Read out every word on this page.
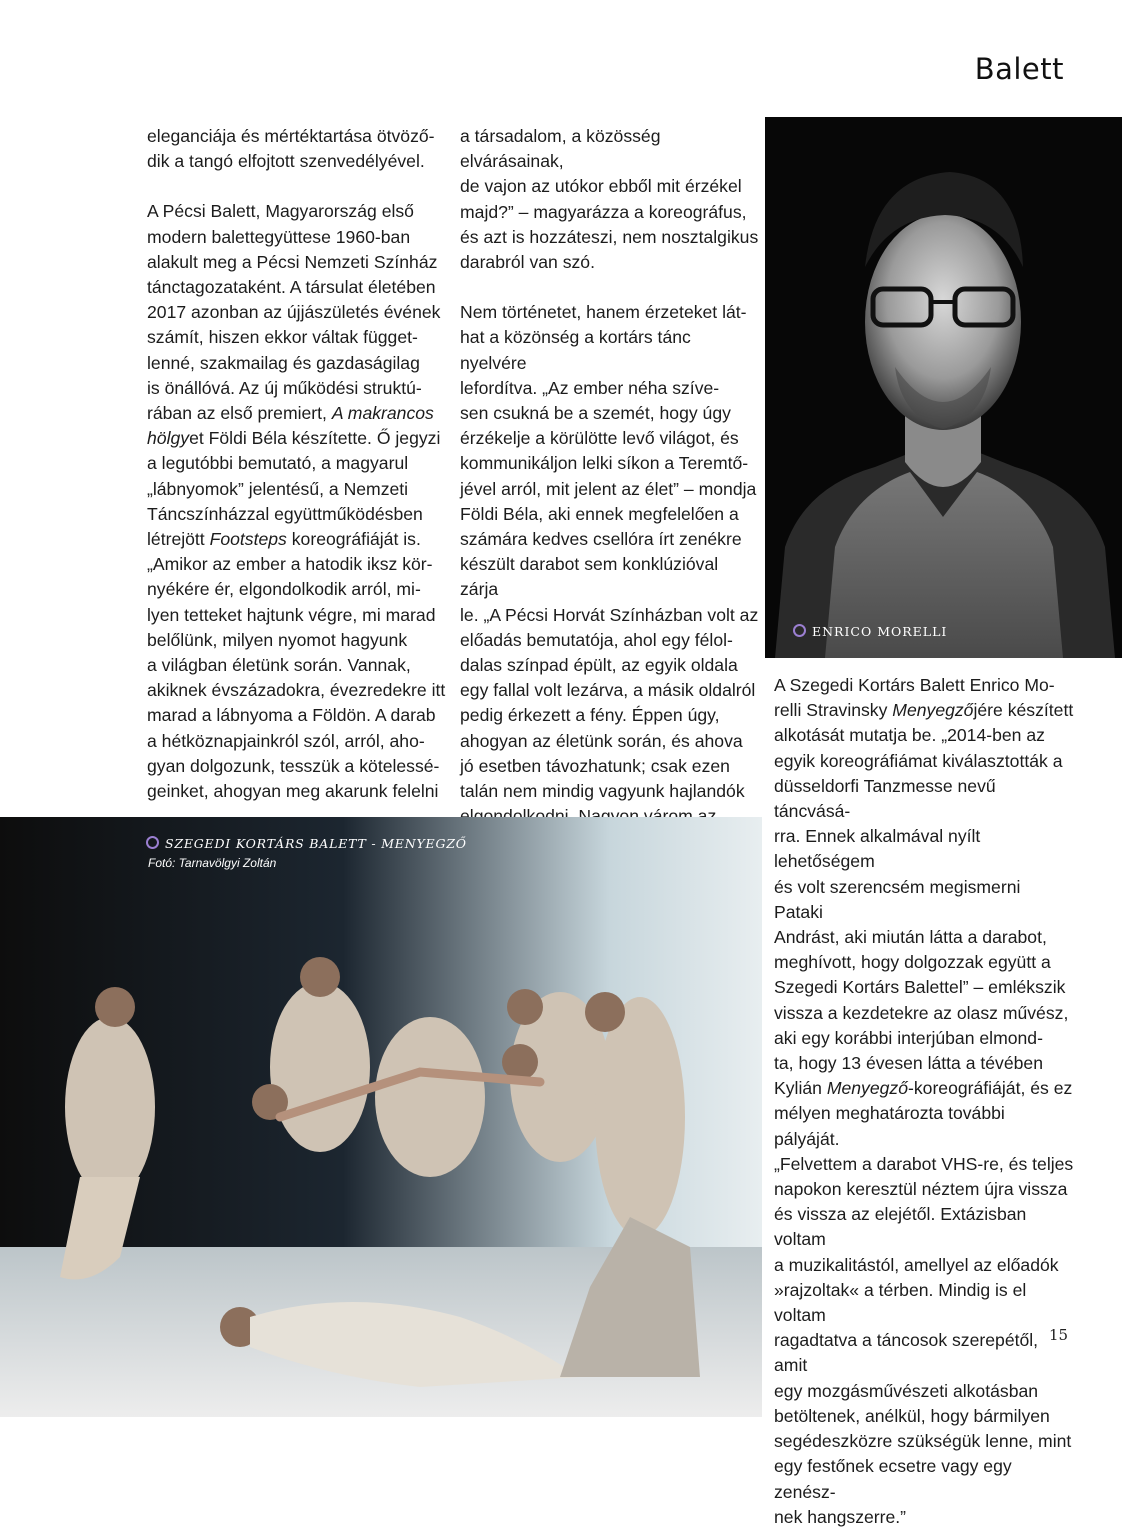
Balett

eleganciája és mértéktartása ötvöző-
dik a tangó elfojtott szenvedélyével.

A Pécsi Balett, Magyarország első
modern balettegyüttese 1960-ban
alakult meg a Pécsi Nemzeti Színház
tánctagozataként. A társulat életében
2017 azonban az újjászületés évének
számít, hiszen ekkor váltak függet-
lenné, szakmailag és gazdaságilag
is önállóvá. Az új működési struktú-
rában az első premiert, A makrancos
hölgyet Földi Béla készítette. Ő jegyzi
a legutóbbi bemutató, a magyarul
„lábnyomok” jelentésű, a Nemzeti
Táncszínházzal együttműködésben
létrejött Footsteps koreográfiáját is.
„Amikor az ember a hatodik iksz kör-
nyékére ér, elgondolkodik arról, mi-
lyen tetteket hajtunk végre, mi marad
belőlünk, milyen nyomot hagyunk
a világban életünk során. Vannak,
akiknek évszázadokra, évezredekre itt
marad a lábnyoma a Földön. A darab
a hétköznapjainkról szól, arról, aho-
gyan dolgozunk, tesszük a kötelessé-
geinket, ahogyan meg akarunk felelni

a társadalom, a közösség elvárásainak,
de vajon az utókor ebből mit érzékel
majd?” – magyarázza a koreográfus,
és azt is hozzáteszi, nem nosztalgikus
darabról van szó.

Nem történetet, hanem érzeteket lát-
hat a közönség a kortárs tánc nyelvére
lefordítva. „Az ember néha szíve-
sen csukná be a szemét, hogy úgy
érzékelje a körülötte levő világot, és
kommunikáljon lelki síkon a Teremtő-
jével arról, mit jelent az élet” – mondja
Földi Béla, aki ennek megfelelően a
számára kedves csellóra írt zenékre
készült darabot sem konklúzióval zárja
le. „A Pécsi Horvát Színházban volt az
előadás bemutatója, ahol egy félol-
dalas színpad épült, az egyik oldala
egy fallal volt lezárva, a másik oldalról
pedig érkezett a fény. Éppen úgy,
ahogyan az életünk során, és ahova
jó esetben távozhatunk; csak ezen
talán nem mindig vagyunk hajlandók

ENRICO MORELLI

A Szegedi Kortárs Balett Enrico Mo-
relli Stravinsky Menyegzőjére készített
alkotását mutatja be. „2014-ben az
egyik koreográfiámat kiválasztották a
düsseldorfi Tanzmesse nevű táncvásá-
rra. Ennek alkalmával nyílt lehetőségem
és volt szerencsém megismerni Pataki
Andrást, aki miután látta a darabot,
meghívott, hogy dolgozzak együtt a
Szegedi Kortárs Balettel” – emlékszik
vissza a kezdetekre az olasz művész,
aki egy korábbi interjúban elmond-
ta, hogy 13 évesen látta a tévében
Kylián Menyegző-koreográfiáját, és ez
mélyen meghatározta további pályáját.
„Felvettem a darabot VHS-re, és teljes
napokon keresztül néztem újra vissza
és vissza az elejétől. Extázisban voltam
a muzikalitástól, amellyel az előadók
»rajzoltak« a térben. Mindig is el voltam
ragadtatva a táncosok szerepétől, amit
egy mozgásművészeti alkotásban
betöltenek, anélkül, hogy bármilyen
segédeszközre szükségük lenne, mint
egy festőnek ecsetre vagy egy zenész-
nek hangszerre.”

SZEGEDI KORTÁRS BALETT - MENYEGZŐ
Fotó: Tarnavölgyi Zoltán
15
